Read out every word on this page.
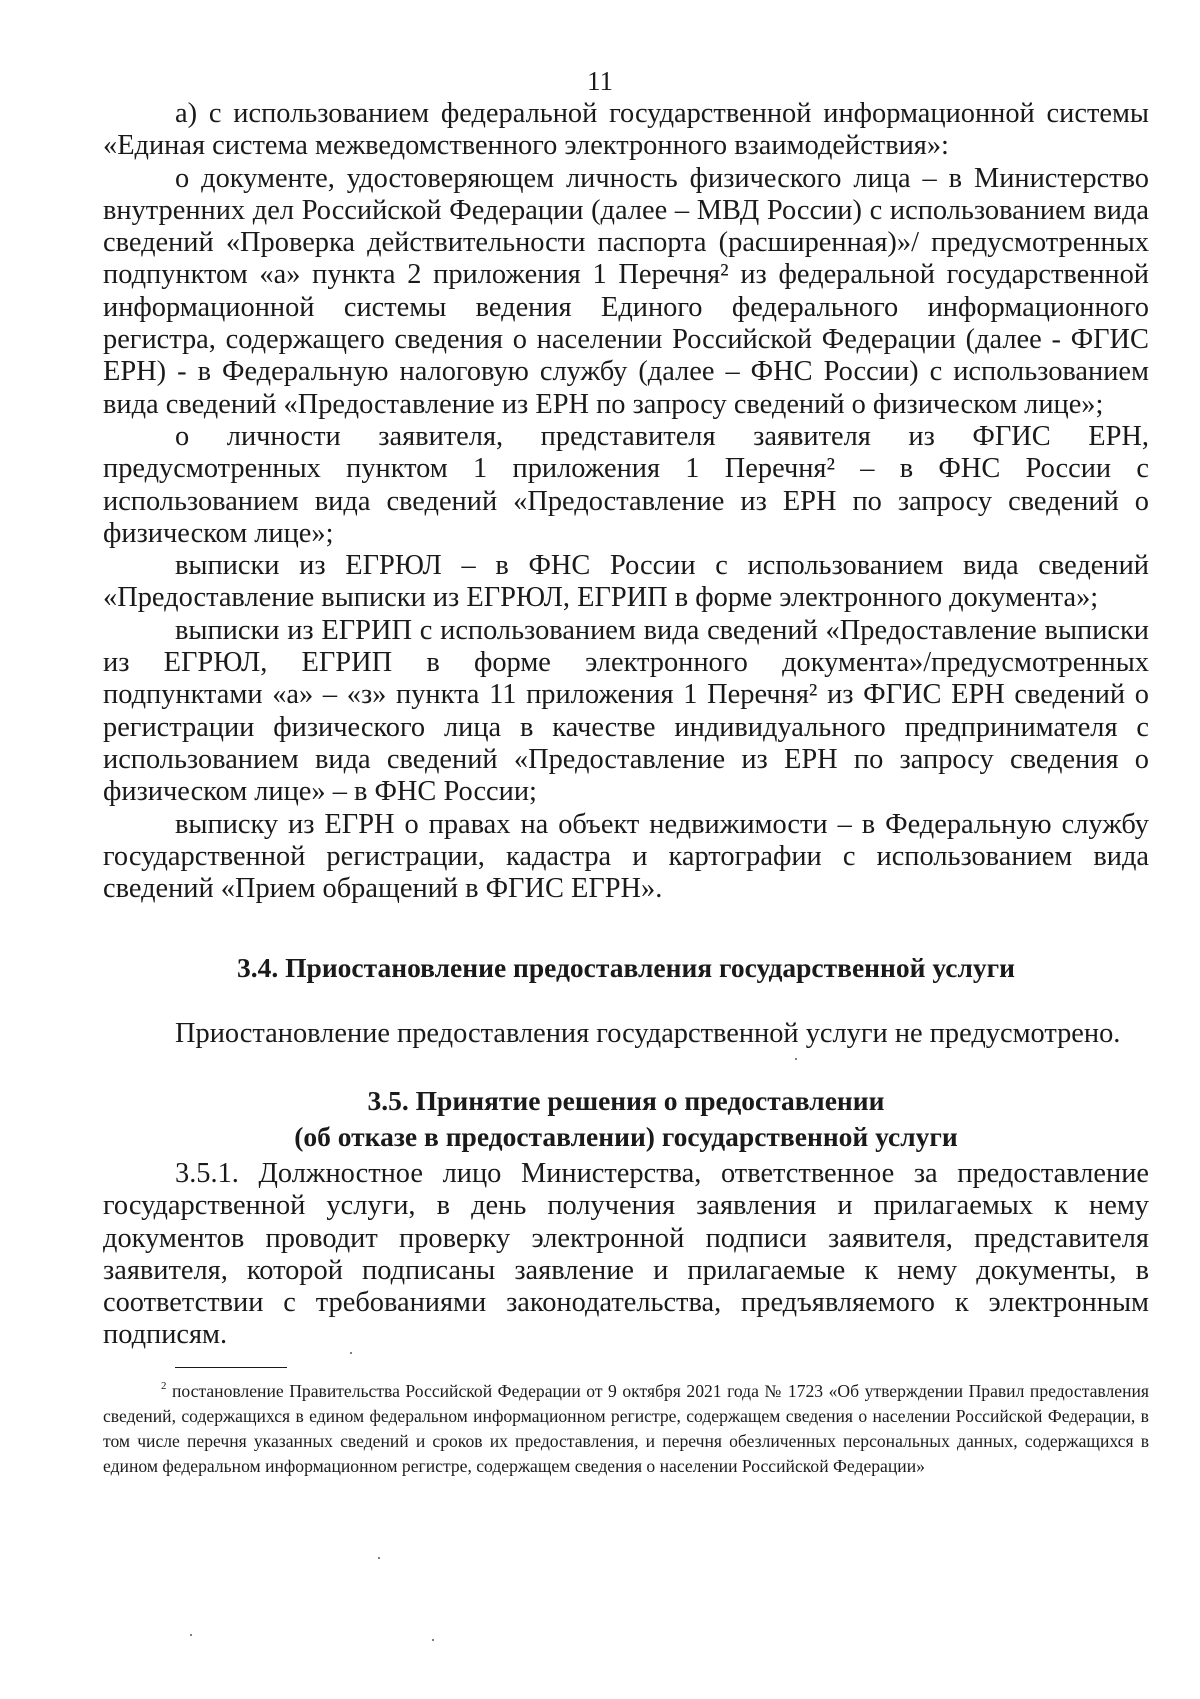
11

а) с использованием федеральной государственной информационной системы «Единая система межведомственного электронного взаимодействия»:

о документе, удостоверяющем личность физического лица – в Министерство внутренних дел Российской Федерации (далее – МВД России) с использованием вида сведений «Проверка действительности паспорта (расширенная)»/ предусмотренных подпунктом «а» пункта 2 приложения 1 Перечня² из федеральной государственной информационной системы ведения Единого федерального информационного регистра, содержащего сведения о населении Российской Федерации (далее - ФГИС ЕРН) - в Федеральную налоговую службу (далее – ФНС России) с использованием вида сведений «Предоставление из ЕРН по запросу сведений о физическом лице»;

о личности заявителя, представителя заявителя из ФГИС ЕРН, предусмотренных пунктом 1 приложения 1 Перечня² – в ФНС России с использованием вида сведений «Предоставление из ЕРН по запросу сведений о физическом лице»;

выписки из ЕГРЮЛ – в ФНС России с использованием вида сведений «Предоставление выписки из ЕГРЮЛ, ЕГРИП в форме электронного документа»;

выписки из ЕГРИП с использованием вида сведений «Предоставление выписки из ЕГРЮЛ, ЕГРИП в форме электронного документа»/предусмотренных подпунктами «а» – «з» пункта 11 приложения 1 Перечня² из ФГИС ЕРН сведений о регистрации физического лица в качестве индивидуального предпринимателя с использованием вида сведений «Предоставление из ЕРН по запросу сведения о физическом лице» – в ФНС России;

выписку из ЕГРН о правах на объект недвижимости – в Федеральную службу государственной регистрации, кадастра и картографии с использованием вида сведений «Прием обращений в ФГИС ЕГРН».

3.4. Приостановление предоставления государственной услуги

Приостановление предоставления государственной услуги не предусмотрено.

3.5. Принятие решения о предоставлении
(об отказе в предоставлении) государственной услуги

3.5.1. Должностное лицо Министерства, ответственное за предоставление государственной услуги, в день получения заявления и прилагаемых к нему документов проводит проверку электронной подписи заявителя, представителя заявителя, которой подписаны заявление и прилагаемые к нему документы, в соответствии с требованиями законодательства, предъявляемого к электронным подписям.

$^2$ постановление Правительства Российской Федерации от 9 октября 2021 года № 1723 «Об утверждении Правил предоставления сведений, содержащихся в едином федеральном информационном регистре, содержащем сведения о населении Российской Федерации, в том числе перечня указанных сведений и сроков их предоставления, и перечня обезличенных персональных данных, содержащихся в едином федеральном информационном регистре, содержащем сведения о населении Российской Федерации»
